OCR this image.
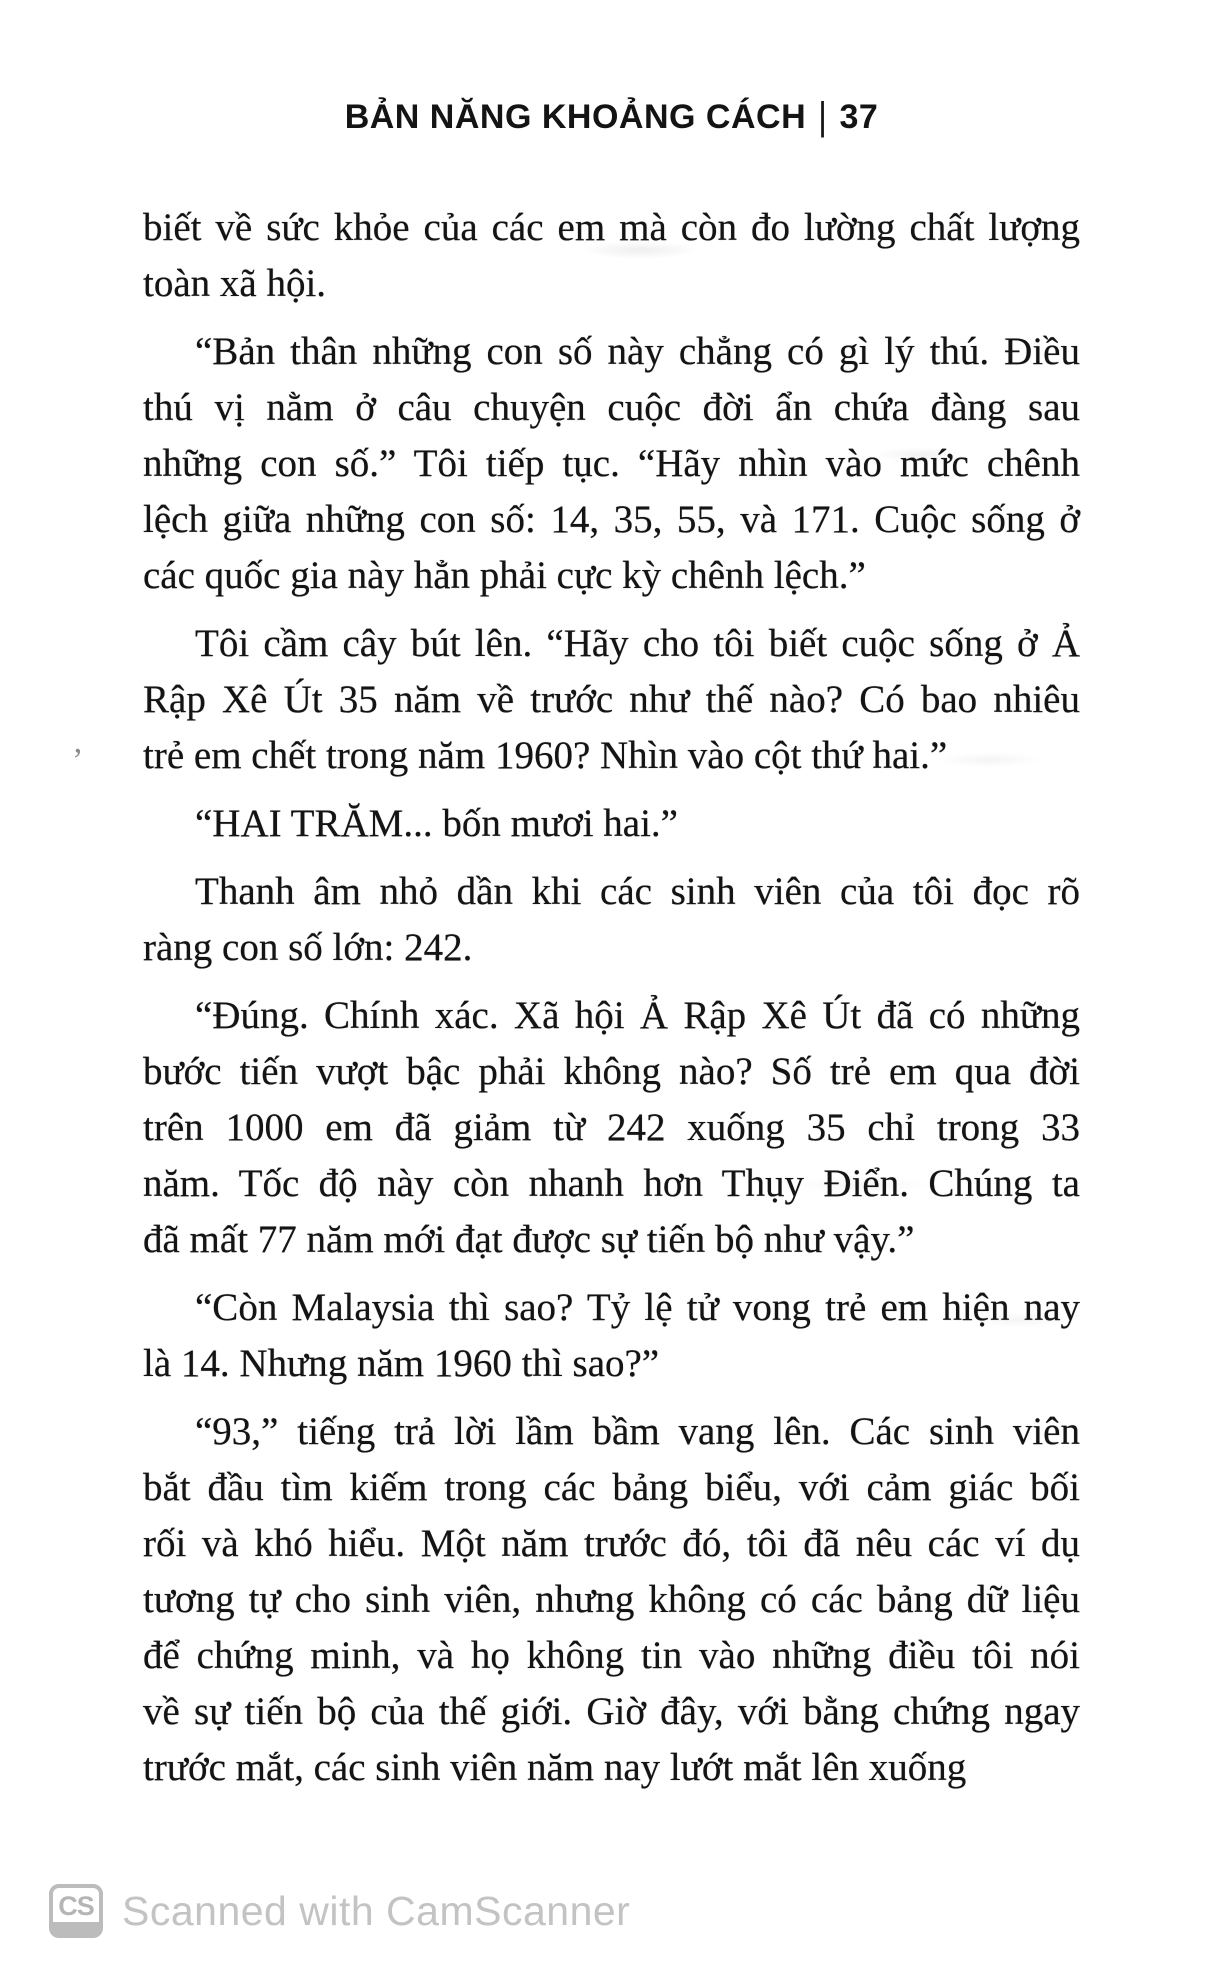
BẢN NĂNG KHOẢNG CÁCH | 37
biết về sức khỏe của các em mà còn đo lường chất lượng
toàn xã hội.
“Bản thân những con số này chẳng có gì lý thú. Điều
thú vị nằm ở câu chuyện cuộc đời ẩn chứa đàng sau
những con số.” Tôi tiếp tục. “Hãy nhìn vào mức chênh
lệch giữa những con số: 14, 35, 55, và 171. Cuộc sống ở
các quốc gia này hẳn phải cực kỳ chênh lệch.”
Tôi cầm cây bút lên. “Hãy cho tôi biết cuộc sống ở Ả
Rập Xê Út 35 năm về trước như thế nào? Có bao nhiêu
trẻ em chết trong năm 1960? Nhìn vào cột thứ hai.”
“HAI TRĂM... bốn mươi hai.”
Thanh âm nhỏ dần khi các sinh viên của tôi đọc rõ
ràng con số lớn: 242.
“Đúng. Chính xác. Xã hội Ả Rập Xê Út đã có những
bước tiến vượt bậc phải không nào? Số trẻ em qua đời
trên 1000 em đã giảm từ 242 xuống 35 chỉ trong 33
năm. Tốc độ này còn nhanh hơn Thụy Điển. Chúng ta
đã mất 77 năm mới đạt được sự tiến bộ như vậy.”
“Còn Malaysia thì sao? Tỷ lệ tử vong trẻ em hiện nay
là 14. Nhưng năm 1960 thì sao?”
“93,” tiếng trả lời lầm bầm vang lên. Các sinh viên
bắt đầu tìm kiếm trong các bảng biểu, với cảm giác bối
rối và khó hiểu. Một năm trước đó, tôi đã nêu các ví dụ
tương tự cho sinh viên, nhưng không có các bảng dữ liệu
để chứng minh, và họ không tin vào những điều tôi nói
về sự tiến bộ của thế giới. Giờ đây, với bằng chứng ngay
trước mắt, các sinh viên năm nay lướt mắt lên xuống
’
CS Scanned with CamScanner
